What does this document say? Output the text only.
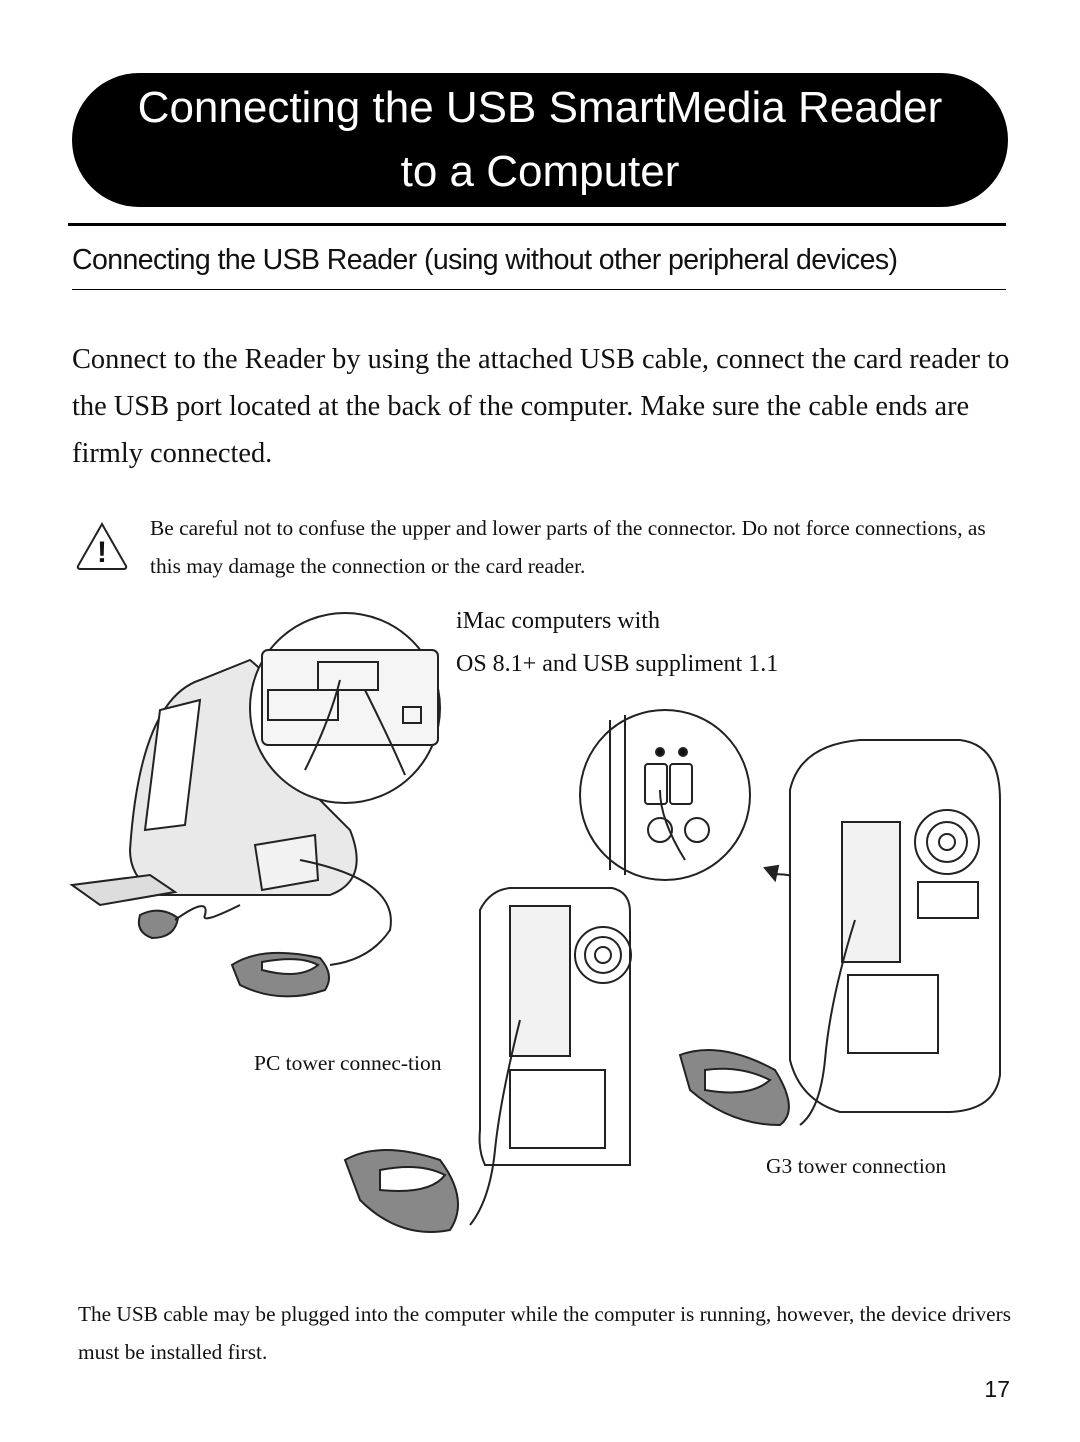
Connecting the USB SmartMedia Reader
to a Computer
Connecting the USB Reader (using without other peripheral devices)
Connect to the Reader by using the attached USB cable, connect the card reader to the USB port located at the back of the computer. Make sure the cable ends are firmly connected.
!
Be careful not to confuse the upper and lower parts of the connector. Do not force connections, as this may damage the connection or the card reader.
iMac computers with
OS 8.1+ and USB suppliment 1.1
PC tower connec-tion
G3 tower connection
The USB cable may be plugged into the computer while the computer is running, however, the device drivers must be installed first.
17
